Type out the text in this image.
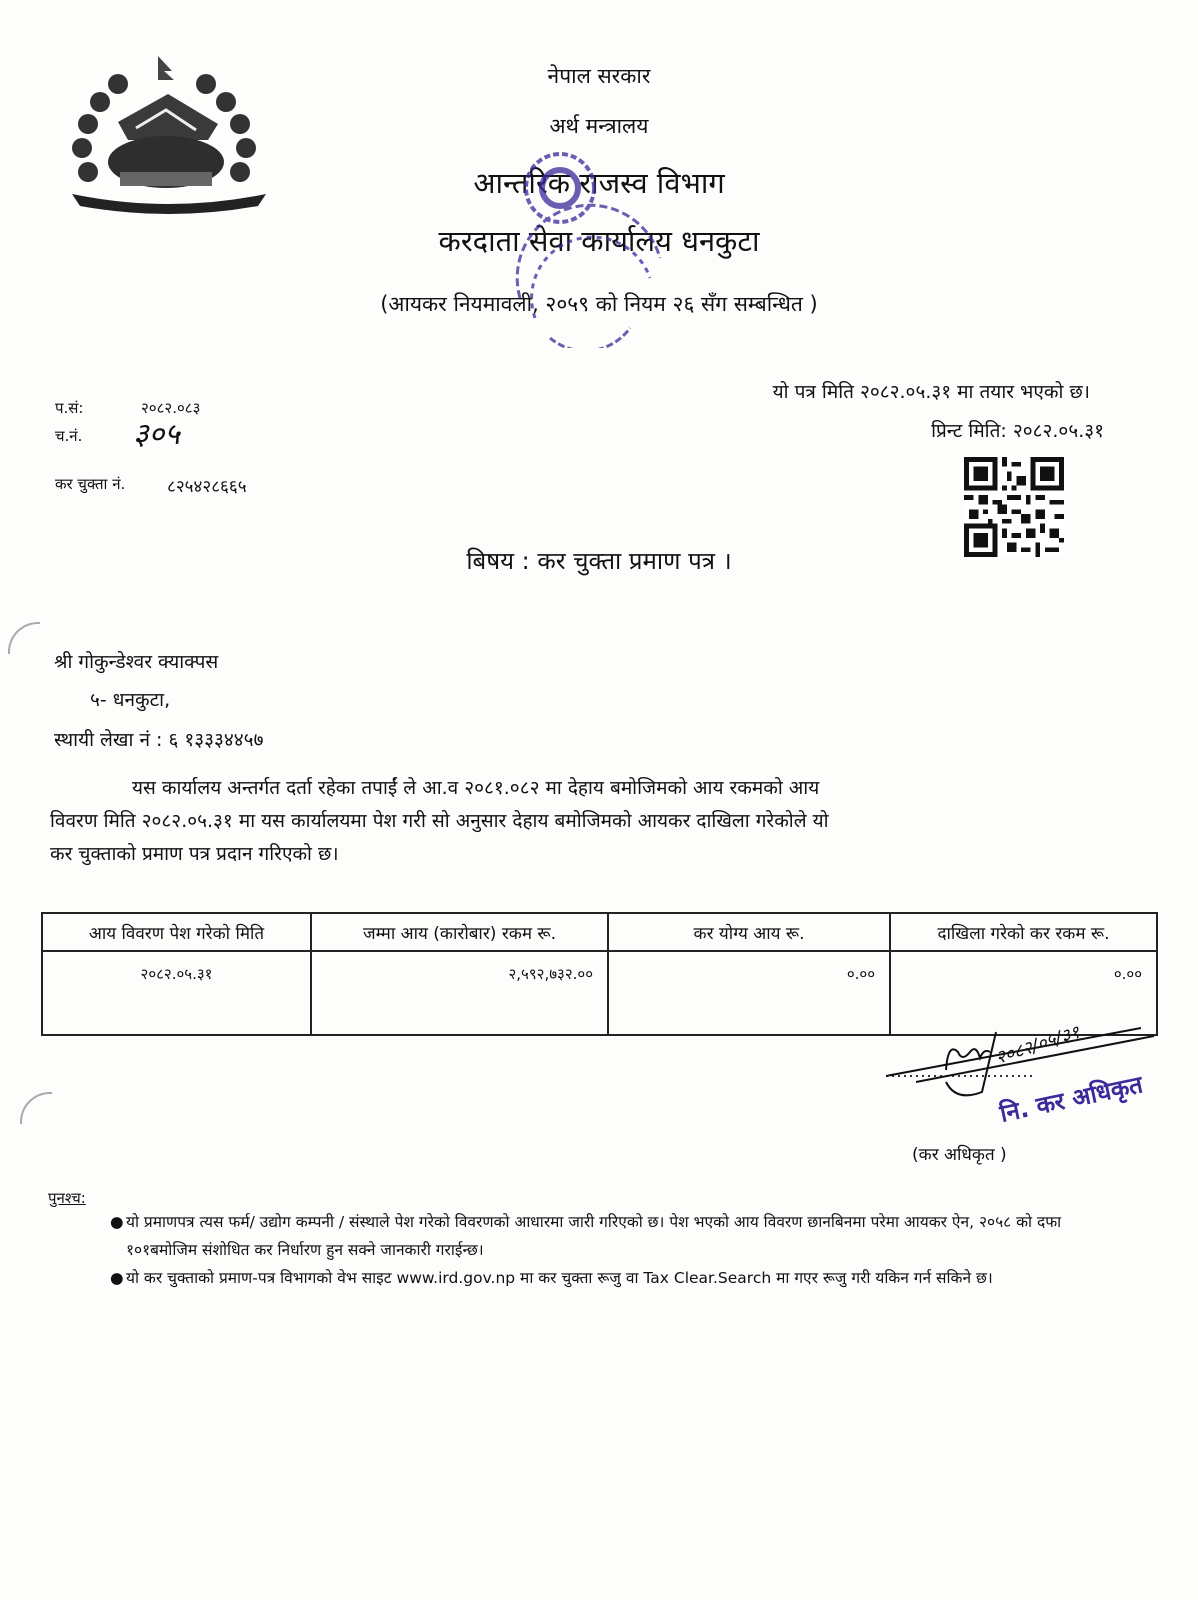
नेपाल सरकार
अर्थ मन्त्रालय
आन्तरिक राजस्व विभाग
करदाता सेवा कार्यालय धनकुटा
(आयकर नियमावली, २०५९ को नियम २६ सँग सम्बन्धित )
प.सं:	२०८२.०८३
च.नं. ३०५
कर चुक्ता नं. ८२५४२८६६५
यो पत्र मिति २०८२.०५.३१ मा तयार भएको छ।
प्रिन्ट मिति: २०८२.०५.३१
बिषय : कर चुक्ता प्रमाण पत्र ।
श्री गोकुन्डेश्वर क्याक्पस
५- धनकुटा,
स्थायी लेखा नं : ६ १३३३४४५७

यस कार्यालय अन्तर्गत दर्ता रहेका तपाईं ले आ.व २०८१.०८२ मा देहाय बमोजिमको आय रकमको आय

विवरण मिति २०८२.०५.३१ मा यस कार्यालयमा पेश गरी सो अनुसार देहाय बमोजिमको आयकर दाखिला गरेकोले यो

कर चुक्ताको प्रमाण पत्र प्रदान गरिएको छ।

आय विवरण पेश गरेको मिति	जम्मा आय (कारोबार) रकम रू.	कर योग्य आय रू.	दाखिला गरेको कर रकम रू.
२०८२.०५.३१	२,५९२,७३२.००	०.००	०.००
२०८२/०५/३१
नि. कर अधिकृत
(कर अधिकृत )
पुनश्च:
● यो प्रमाणपत्र त्यस फर्म/ उद्योग कम्पनी / संस्थाले पेश गरेको विवरणको आधारमा जारी गरिएको छ। पेश भएको आय विवरण छानबिनमा परेमा आयकर ऐन, २०५८ को दफा १०१बमोजिम संशोधित कर निर्धारण हुन सक्ने जानकारी गराईन्छ।
● यो कर चुक्ताको प्रमाण-पत्र विभागको वेभ साइट www.ird.gov.np मा कर चुक्ता रूजु वा Tax Clear.Search मा गएर रूजु गरी यकिन गर्न सकिने छ।
